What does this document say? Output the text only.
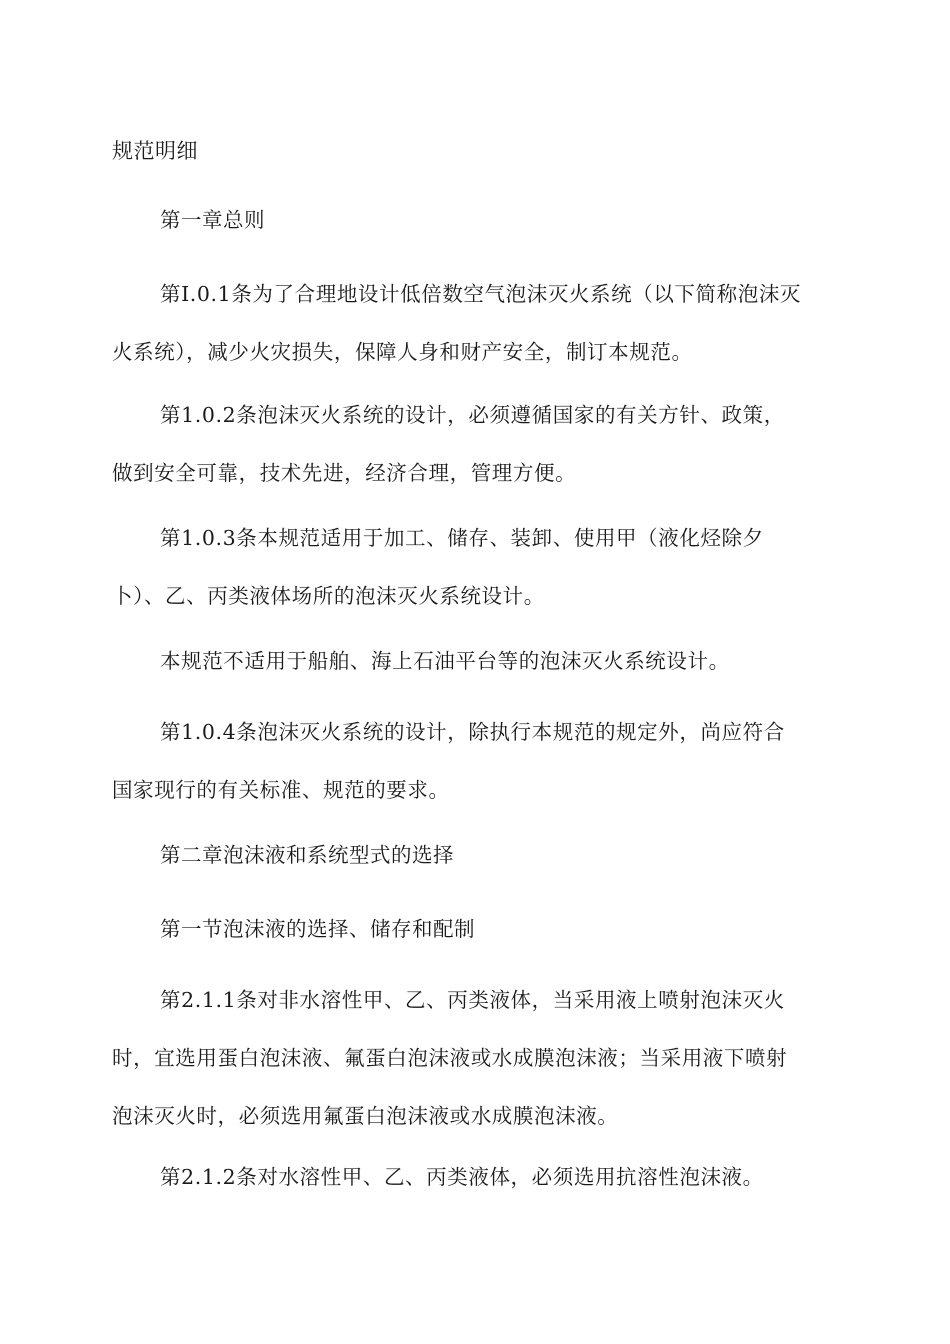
规范明细

第一章总则

第I.0.1条为了合理地设计低倍数空气泡沫灭火系统（以下简称泡沫灭火系统），减少火灾损失，保障人身和财产安全，制订本规范。

第1.0.2条泡沫灭火系统的设计，必须遵循国家的有关方针、政策，做到安全可靠，技术先进，经济合理，管理方便。

第1.0.3条本规范适用于加工、储存、装卸、使用甲（液化烃除夕卜）、乙、丙类液体场所的泡沫灭火系统设计。

本规范不适用于船舶、海上石油平台等的泡沫灭火系统设计。

第1.0.4条泡沫灭火系统的设计，除执行本规范的规定外，尚应符合国家现行的有关标准、规范的要求。

第二章泡沫液和系统型式的选择

第一节泡沫液的选择、储存和配制

第2.1.1条对非水溶性甲、乙、丙类液体，当采用液上喷射泡沫灭火时，宜选用蛋白泡沫液、氟蛋白泡沫液或水成膜泡沫液；当采用液下喷射泡沫灭火时，必须选用氟蛋白泡沫液或水成膜泡沫液。

第2.1.2条对水溶性甲、乙、丙类液体，必须选用抗溶性泡沫液。
